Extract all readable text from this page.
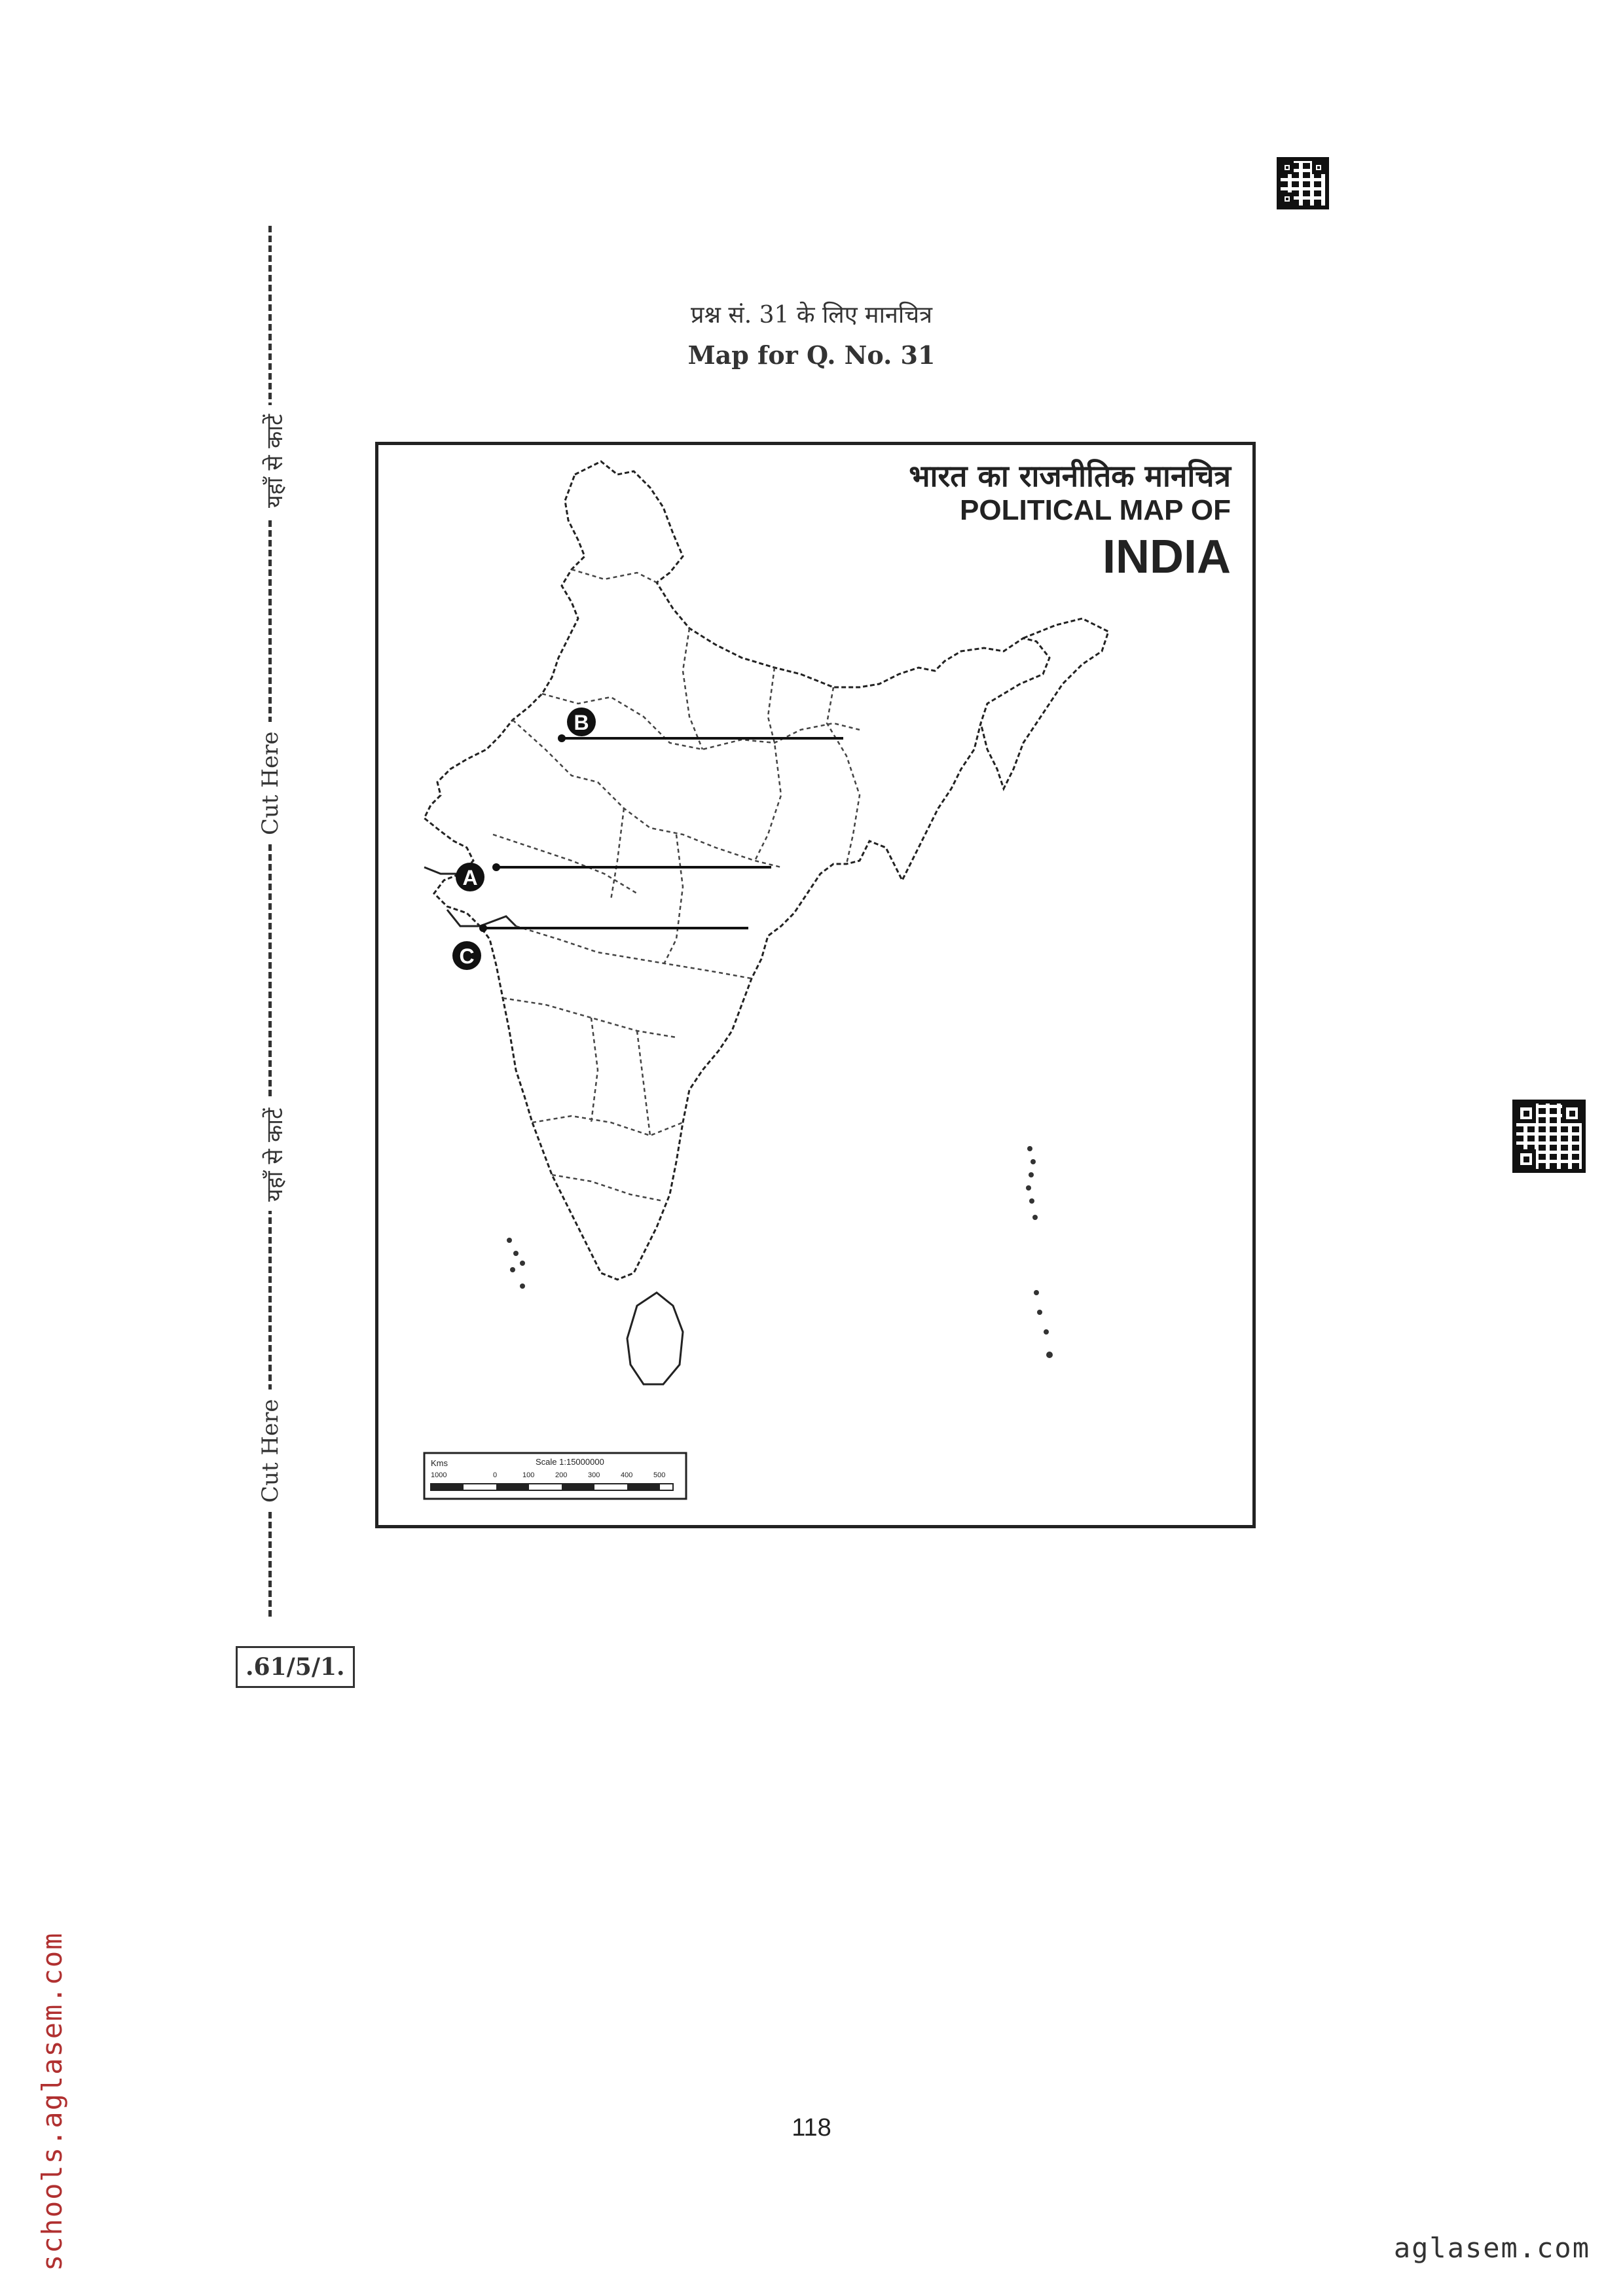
यहाँ से काटें
Cut Here
यहाँ से काटें
Cut Here
प्रश्न सं. 31 के लिए मानचित्र
Map for Q. No. 31
B
A
C
Kms	Scale 1:15000000
1000	0	100	200	300	400	500
भारत का राजनीतिक मानचित्र
POLITICAL MAP OF
INDIA
.61/5/1.
118
schools.aglasem.com	aglasem.com
